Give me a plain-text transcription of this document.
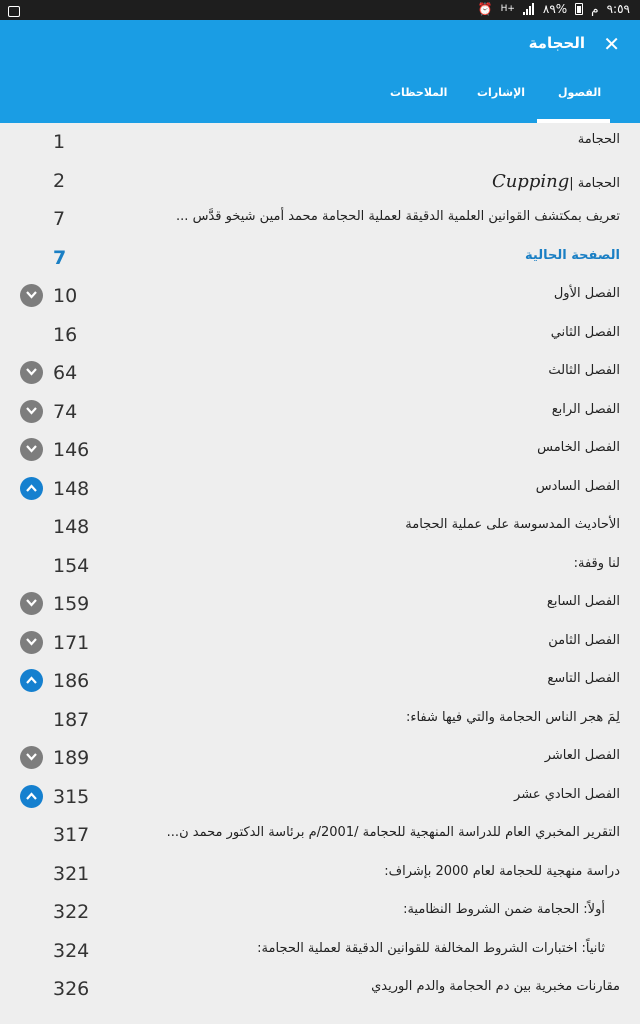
⏰ H+ ٨٩% م ٩:٥٩
الحجامة ✕
الفصول
الإشارات
الملاحظات
الحجامة
1
الحجامة |Cupping
2
تعريف بمكتشف القوانين العلمية الدقيقة لعملية الحجامة محمد أمين شيخو قدَّس ...
7
الصفحة الحالية
7
الفصل الأول
10
الفصل الثاني
16
الفصل الثالث
64
الفصل الرابع
74
الفصل الخامس
146
الفصل السادس
148
الأحاديث المدسوسة على عملية الحجامة
148
لنا وقفة:
154
الفصل السابع
159
الفصل الثامن
171
الفصل التاسع
186
لِمَ هجر الناس الحجامة والتي فيها شفاء:
187
الفصل العاشر
189
الفصل الحادي عشر
315
التقرير المخبري العام للدراسة المنهجية للحجامة /2001/م برئاسة الدكتور محمد ن...
317
دراسة منهجية للحجامة لعام 2000 بإشراف:
321
أولاً: الحجامة ضمن الشروط النظامية:
322
ثانياً: اختبارات الشروط المخالفة للقوانين الدقيقة لعملية الحجامة:
324
مقارنات مخبرية بين دم الحجامة والدم الوريدي
326
